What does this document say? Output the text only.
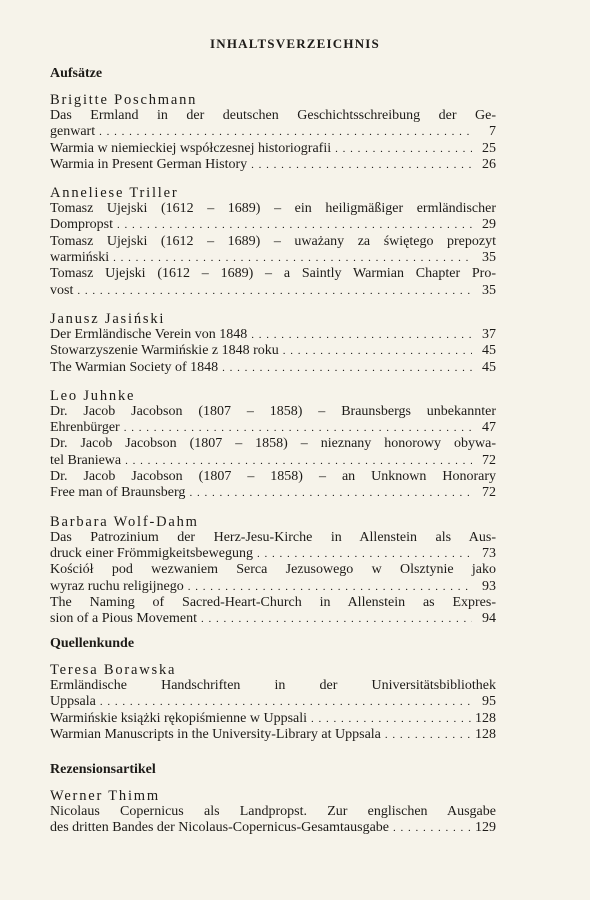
INHALTSVERZEICHNIS
Aufsätze
Brigitte Poschmann
Das Ermland in der deutschen Geschichtsschreibung der Ge-
genwart . . .	7
Warmia w niemieckiej współczesnej historiografii . . .	25
Warmia in Present German History . . .	26
Anneliese Triller
Tomasz Ujejski (1612 – 1689) – ein heiligmäßiger ermländischer
Dompropst . . .	29
Tomasz Ujejski (1612 – 1689) – uważany za świętego prepozyt
warmiński . . .	35
Tomasz Ujejski (1612 – 1689) – a Saintly Warmian Chapter Pro-
vost . . .	35
Janusz Jasiński
Der Ermländische Verein von 1848 . . .	37
Stowarzyszenie Warmińskie z 1848 roku . . .	45
The Warmian Society of 1848 . . .	45
Leo Juhnke
Dr. Jacob Jacobson (1807 – 1858) – Braunsbergs unbekannter
Ehrenbürger . . .	47
Dr. Jacob Jacobson (1807 – 1858) – nieznany honorowy obywa-
tel Braniewa . . .	72
Dr. Jacob Jacobson (1807 – 1858) – an Unknown Honorary
Free man of Braunsberg . . .	72
Barbara Wolf-Dahm
Das Patrozinium der Herz-Jesu-Kirche in Allenstein als Aus-
druck einer Frömmigkeitsbewegung . . .	73
Kościół pod wezwaniem Serca Jezusowego w Olsztynie jako
wyraz ruchu religijnego . . .	93
The Naming of Sacred-Heart-Church in Allenstein as Expres-
sion of a Pious Movement . . .	94
Quellenkunde
Teresa Borawska
Ermländische Handschriften in der Universitätsbibliothek
Uppsala . . .	95
Warmińskie książki rękopiśmienne w Uppsali . . .	128
Warmian Manuscripts in the University-Library at Uppsala . . .	128
Rezensionsartikel
Werner Thimm
Nicolaus Copernicus als Landpropst. Zur englischen Ausgabe
des dritten Bandes der Nicolaus-Copernicus-Gesamtausgabe . . .	129
